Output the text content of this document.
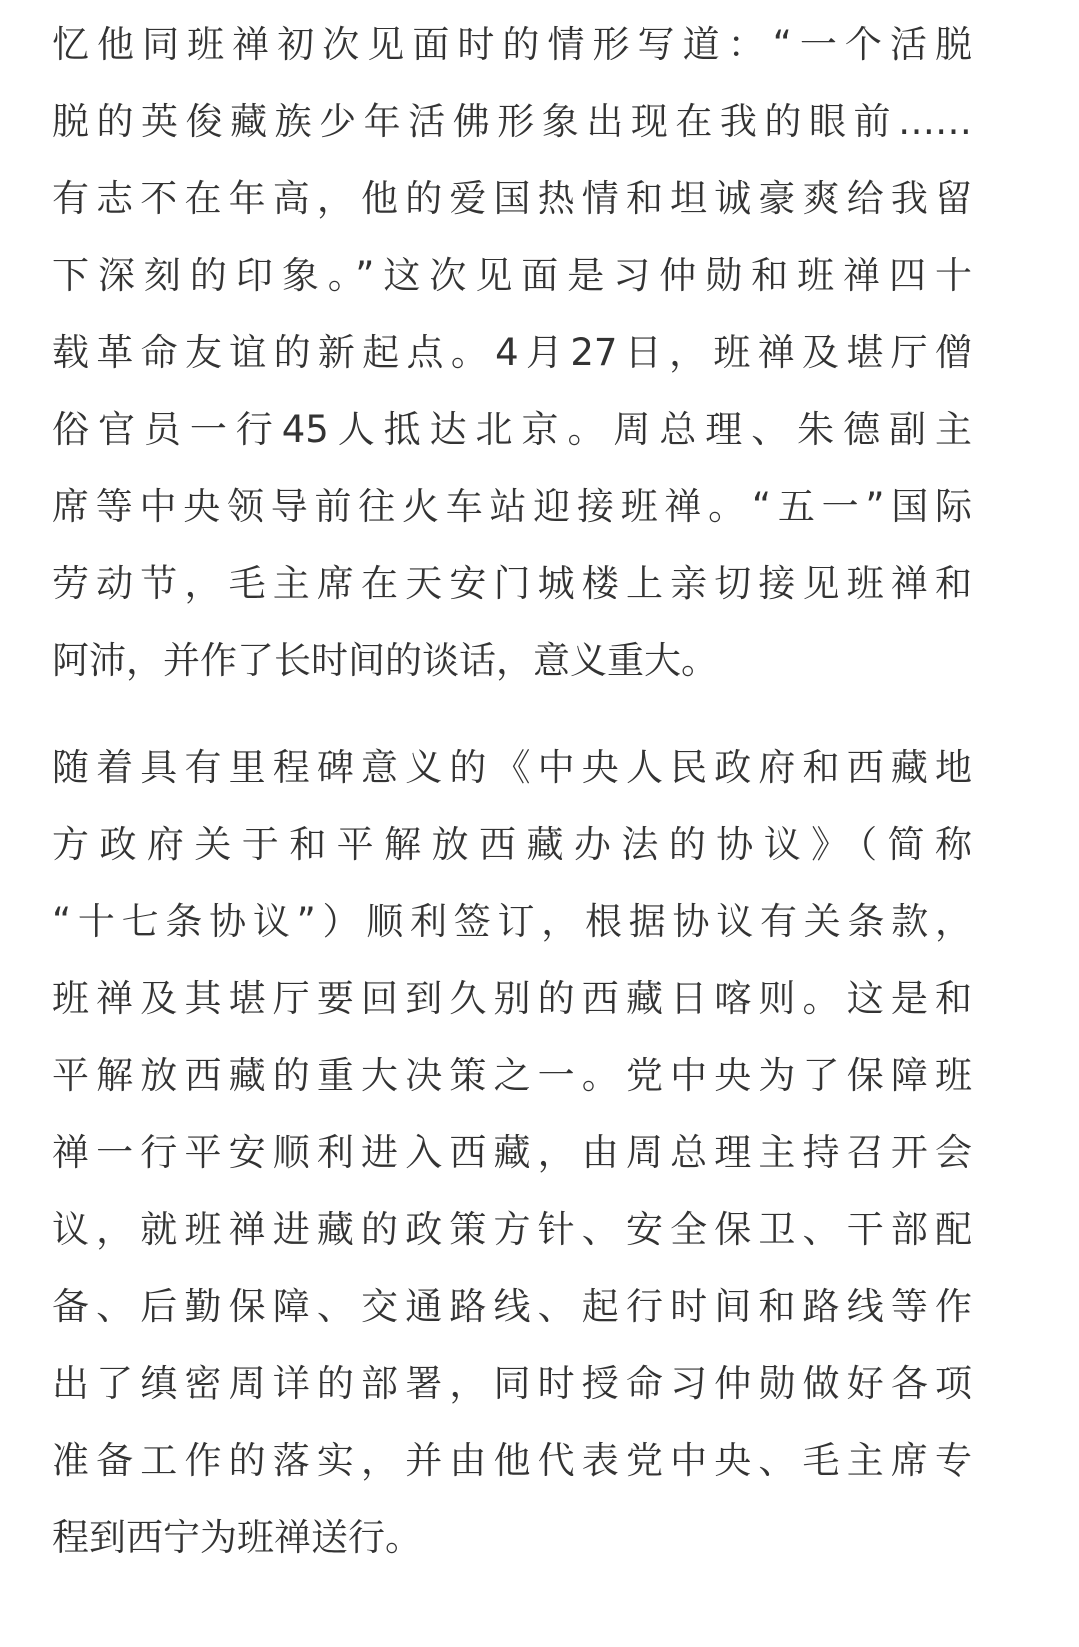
忆他同班禅初次见面时的情形写道：“一个活脱
脱的英俊藏族少年活佛形象出现在我的眼前……
有志不在年高，他的爱国热情和坦诚豪爽给我留
下深刻的印象。”这次见面是习仲勋和班禅四十
载革命友谊的新起点。4月27日，班禅及堪厅僧
俗官员一行45人抵达北京。周总理、朱德副主
席等中央领导前往火车站迎接班禅。“五一”国际
劳动节，毛主席在天安门城楼上亲切接见班禅和
阿沛，并作了长时间的谈话，意义重大。

随着具有里程碑意义的《中央人民政府和西藏地
方政府关于和平解放西藏办法的协议》（简称
“十七条协议”）顺利签订，根据协议有关条款，
班禅及其堪厅要回到久别的西藏日喀则。这是和
平解放西藏的重大决策之一。党中央为了保障班
禅一行平安顺利进入西藏，由周总理主持召开会
议，就班禅进藏的政策方针、安全保卫、干部配
备、后勤保障、交通路线、起行时间和路线等作
出了缜密周详的部署，同时授命习仲勋做好各项
准备工作的落实，并由他代表党中央、毛主席专
程到西宁为班禅送行。
